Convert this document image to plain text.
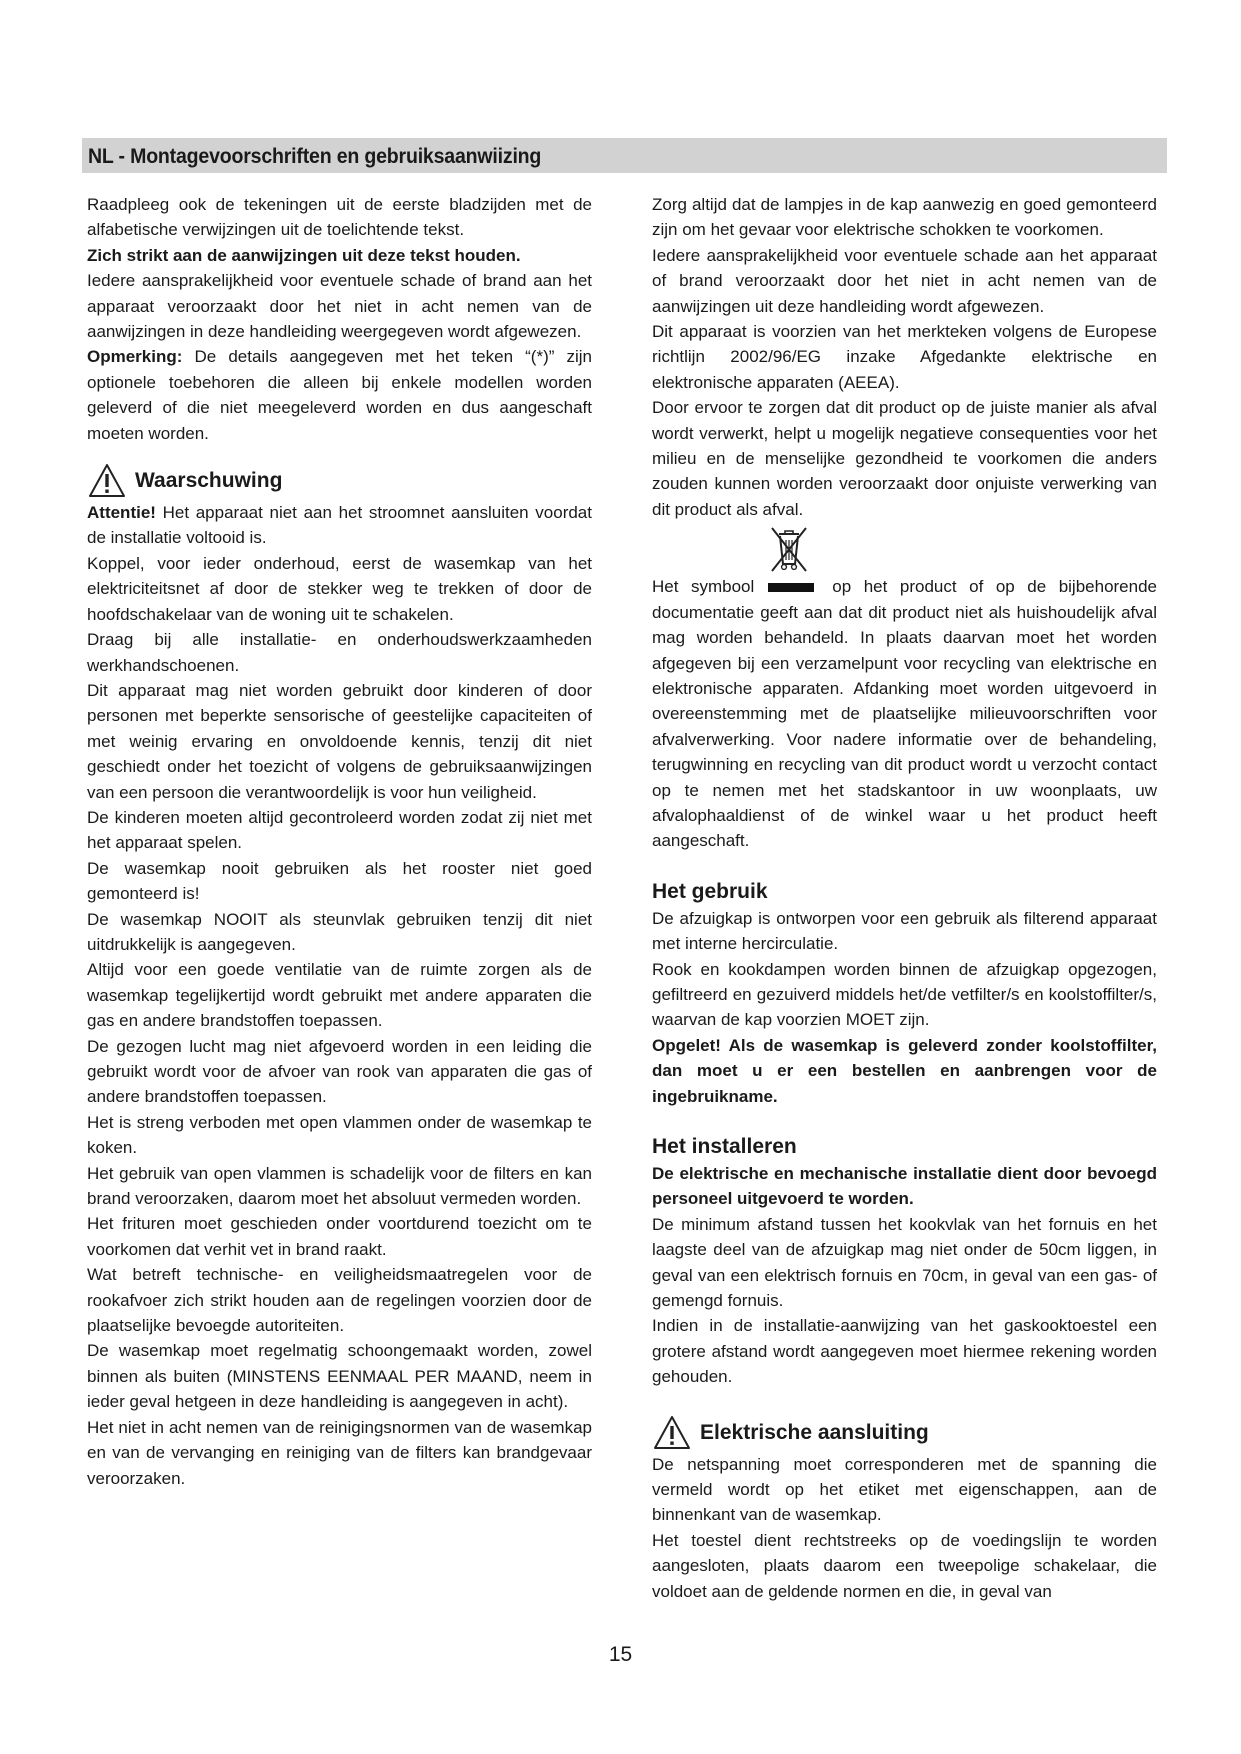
NL - Montagevoorschriften en gebruiksaanwiizing

Raadpleeg ook de tekeningen uit de eerste bladzijden met de alfabetische verwijzingen uit de toelichtende tekst.

Zich strikt aan de aanwijzingen uit deze tekst houden.

Iedere aansprakelijkheid voor eventuele schade of brand aan het apparaat veroorzaakt door het niet in acht nemen van de aanwijzingen in deze handleiding weergegeven wordt afgewezen.

Opmerking: De details aangegeven met het teken “(*)” zijn optionele toebehoren die alleen bij enkele modellen worden geleverd of die niet meegeleverd worden en dus aangeschaft moeten worden.

Waarschuwing

Attentie! Het apparaat niet aan het stroomnet aansluiten voordat de installatie voltooid is.

Koppel, voor ieder onderhoud, eerst de wasemkap van het elektriciteitsnet af door de stekker weg te trekken of door de hoofdschakelaar van de woning uit te schakelen.

Draag bij alle installatie- en onderhoudswerkzaamheden werkhandschoenen.

Dit apparaat mag niet worden gebruikt door kinderen of door personen met beperkte sensorische of geestelijke capaciteiten of met weinig ervaring en onvoldoende kennis, tenzij dit niet geschiedt onder het toezicht of volgens de gebruiksaanwijzingen van een persoon die verantwoordelijk is voor hun veiligheid.

De kinderen moeten altijd gecontroleerd worden zodat zij niet met het apparaat spelen.

De wasemkap nooit gebruiken als het rooster niet goed gemonteerd is!

De wasemkap NOOIT als steunvlak gebruiken tenzij dit niet uitdrukkelijk is aangegeven.

Altijd voor een goede ventilatie van de ruimte zorgen als de wasemkap tegelijkertijd wordt gebruikt met andere apparaten die gas en andere brandstoffen toepassen.

De gezogen lucht mag niet afgevoerd worden in een leiding die gebruikt wordt voor de afvoer van rook van apparaten die gas of andere brandstoffen toepassen.

Het is streng verboden met open vlammen onder de wasemkap te koken.

Het gebruik van open vlammen is schadelijk voor de filters en kan brand veroorzaken, daarom moet het absoluut vermeden worden.

Het frituren moet geschieden onder voortdurend toezicht om te voorkomen dat verhit vet in brand raakt.

Wat betreft technische- en veiligheidsmaatregelen voor de rookafvoer zich strikt houden aan de regelingen voorzien door de plaatselijke bevoegde autoriteiten.

De wasemkap moet regelmatig schoongemaakt worden, zowel binnen als buiten (MINSTENS EENMAAL PER MAAND, neem in ieder geval hetgeen in deze handleiding is aangegeven in acht).

Het niet in acht nemen van de reinigingsnormen van de wasemkap en van de vervanging en reiniging van de filters kan brandgevaar veroorzaken.

Zorg altijd dat de lampjes in de kap aanwezig en goed gemonteerd zijn om het gevaar voor elektrische schokken te voorkomen.

Iedere aansprakelijkheid voor eventuele schade aan het apparaat of brand veroorzaakt door het niet in acht nemen van de aanwijzingen uit deze handleiding wordt afgewezen.

Dit apparaat is voorzien van het merkteken volgens de Europese richtlijn 2002/96/EG inzake Afgedankte elektrische en elektronische apparaten (AEEA).

Door ervoor te zorgen dat dit product op de juiste manier als afval wordt verwerkt, helpt u mogelijk negatieve consequenties voor het milieu en de menselijke gezondheid te voorkomen die anders zouden kunnen worden veroorzaakt door onjuiste verwerking van dit product als afval.

Het symbool	op het product of op de bijbehorende documentatie geeft aan dat dit product niet als huishoudelijk afval mag worden behandeld. In plaats daarvan moet het worden afgegeven bij een verzamelpunt voor recycling van elektrische en elektronische apparaten. Afdanking moet worden uitgevoerd in overeenstemming met de plaatselijke milieuvoorschriften voor afvalverwerking. Voor nadere informatie over de behandeling, terugwinning en recycling van dit product wordt u verzocht contact op te nemen met het stadskantoor in uw woonplaats, uw afvalophaaldienst of de winkel waar u het product heeft aangeschaft.

Het gebruik

De afzuigkap is ontworpen voor een gebruik als filterend apparaat met interne hercirculatie.

Rook en kookdampen worden binnen de afzuigkap opgezogen, gefiltreerd en gezuiverd middels het/de vetfilter/s en koolstoffilter/s, waarvan de kap voorzien MOET zijn.

Opgelet! Als de wasemkap is geleverd zonder koolstoffilter, dan moet u er een bestellen en aanbrengen voor de ingebruikname.

Het installeren

De elektrische en mechanische installatie dient door bevoegd personeel uitgevoerd te worden.

De minimum afstand tussen het kookvlak van het fornuis en het laagste deel van de afzuigkap mag niet onder de 50cm liggen, in geval van een elektrisch fornuis en 70cm, in geval van een gas- of gemengd fornuis.

Indien in de installatie-aanwijzing van het gaskooktoestel een grotere afstand wordt aangegeven moet hiermee rekening worden gehouden.

Elektrische aansluiting

De netspanning moet corresponderen met de spanning die vermeld wordt op het etiket met eigenschappen, aan de binnenkant van de wasemkap.

Het toestel dient rechtstreeks op de voedingslijn te worden aangesloten, plaats daarom een tweepolige schakelaar, die voldoet aan de geldende normen en die, in geval van

15
